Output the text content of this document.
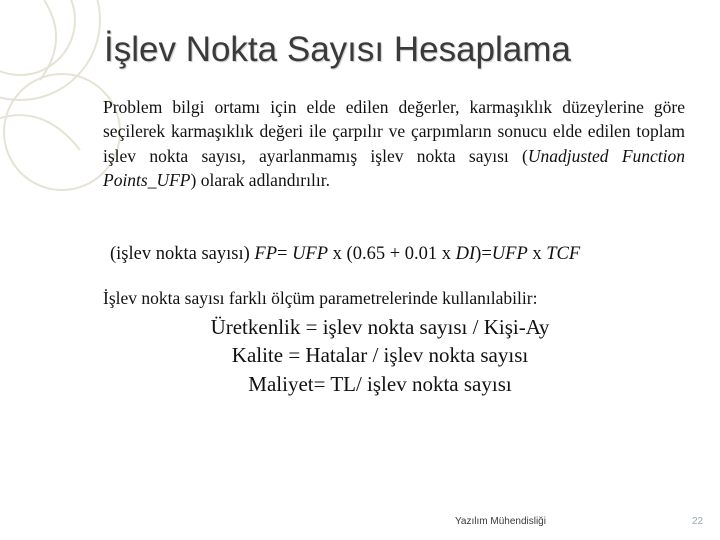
İşlev Nokta Sayısı Hesaplama

Problem bilgi ortamı için elde edilen değerler, karmaşıklık düzeylerine göre seçilerek karmaşıklık değeri ile çarpılır ve çarpımların sonucu elde edilen toplam işlev nokta sayısı, ayarlanmamış işlev nokta sayısı (Unadjusted Function Points_UFP) olarak adlandırılır.

(işlev nokta sayısı) FP= UFP x (0.65 + 0.01 x DI)=UFP x TCF

İşlev nokta sayısı farklı ölçüm parametrelerinde kullanılabilir:

Üretkenlik = işlev nokta sayısı / Kişi-Ay

Kalite = Hatalar / işlev nokta sayısı

Maliyet= TL/ işlev nokta sayısı

Yazılım Mühendisliği	22
